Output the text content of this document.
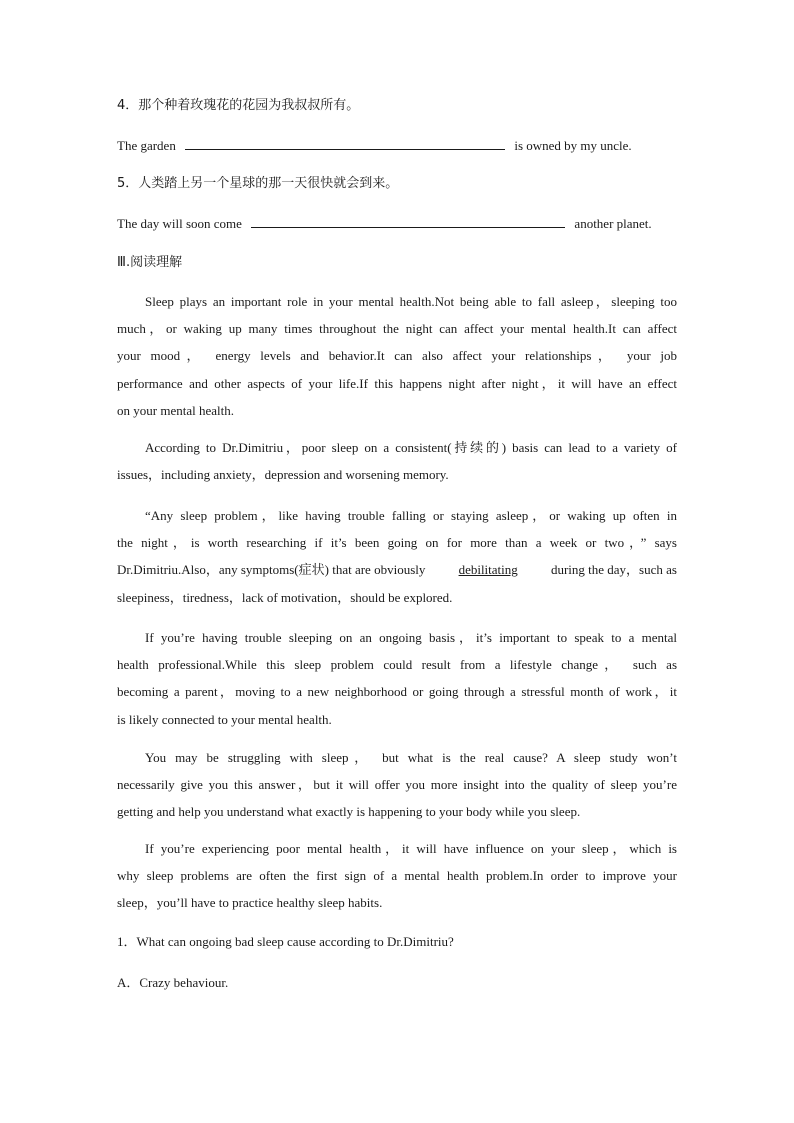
4．那个种着玫瑰花的花园为我叔叔所有。
The garden	is owned by my uncle.
5．人类踏上另一个星球的那一天很快就会到来。
The day will soon come	another planet.
Ⅲ.阅读理解
Sleep plays an important role in your mental health.Not being able to fall asleep，sleeping too
much，or waking up many times throughout the night can affect your mental health.It can affect
your mood， energy levels and behavior.It can also affect your relationships， your job
performance and other aspects of your life.If this happens night after night，it will have an effect
on your mental health.
According to Dr.Dimitriu，poor sleep on a consistent(持续的) basis can lead to a variety of
issues，including anxiety，depression and worsening memory.
“Any sleep problem，like having trouble falling or staying asleep，or waking up often in
the night，is worth researching if it’s been going on for more than a week or two，” says
Dr.Dimitriu.Also，any symptoms(症状) that are obviously	debilitating	during the day，such as
sleepiness，tiredness，lack of motivation，should be explored.
If you’re having trouble sleeping on an ongoing basis，it’s important to speak to a mental
health professional.While this sleep problem could result from a lifestyle change， such as
becoming a parent，moving to a new neighborhood or going through a stressful month of work，it
is likely connected to your mental health.
You may be struggling with sleep， but what is the real cause? A sleep study won’t
necessarily give you this answer，but it will offer you more insight into the quality of sleep you’re
getting and help you understand what exactly is happening to your body while you sleep.
If you’re experiencing poor mental health，it will have influence on your sleep，which is
why sleep problems are often the first sign of a mental health problem.In order to improve your
sleep，you’ll have to practice healthy sleep habits.
1．What can ongoing bad sleep cause according to Dr.Dimitriu?
A．Crazy behaviour.
